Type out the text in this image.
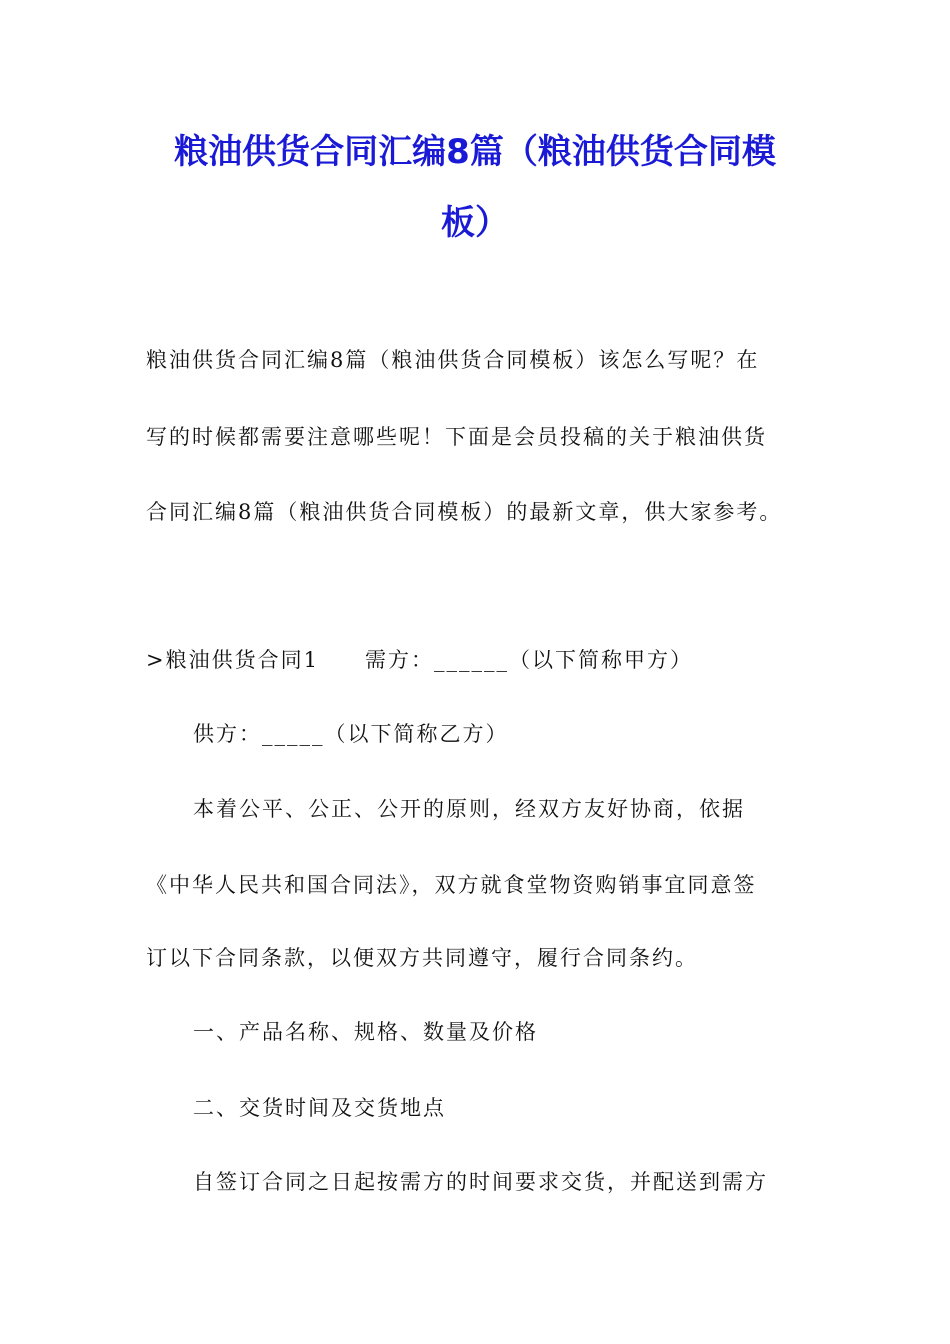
粮油供货合同汇编8篇（粮油供货合同模
板）
粮油供货合同汇编8篇（粮油供货合同模板）该怎么写呢？在
写的时候都需要注意哪些呢！下面是会员投稿的关于粮油供货
合同汇编8篇（粮油供货合同模板）的最新文章，供大家参考。
>粮油供货合同1　　需方：______（以下简称甲方）
供方：_____（以下简称乙方）
本着公平、公正、公开的原则，经双方友好协商，依据
《中华人民共和国合同法》，双方就食堂物资购销事宜同意签
订以下合同条款，以便双方共同遵守，履行合同条约。
一、产品名称、规格、数量及价格
二、交货时间及交货地点
自签订合同之日起按需方的时间要求交货，并配送到需方
